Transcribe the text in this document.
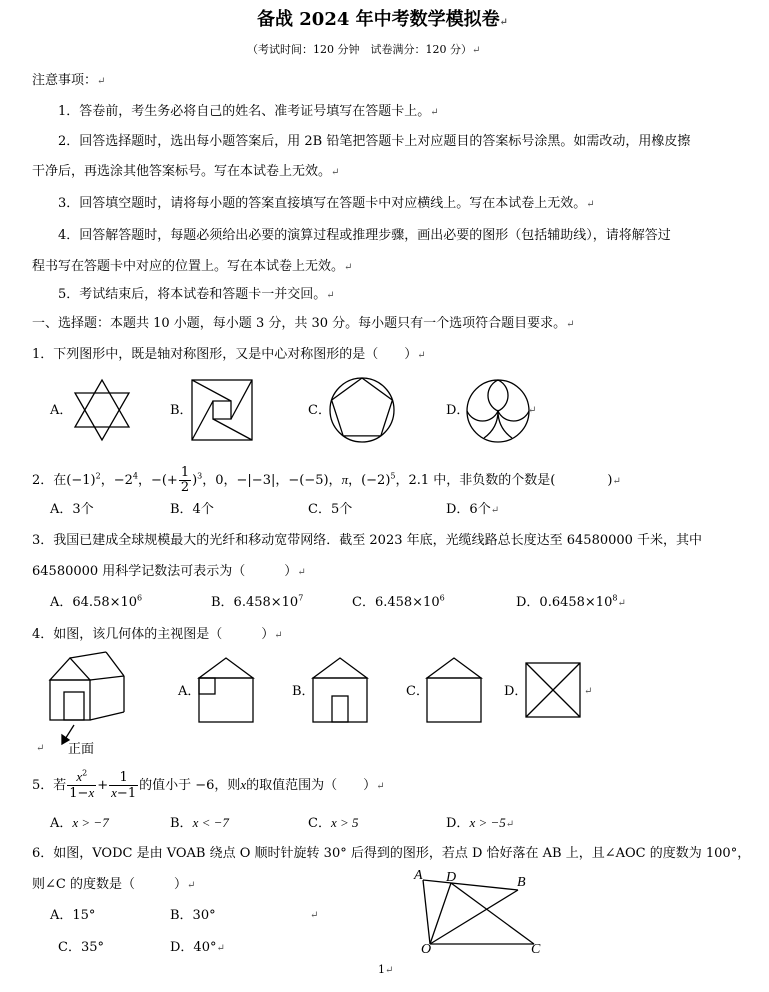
备战 2024 年中考数学模拟卷↵
（考试时间：120 分钟　试卷满分：120 分）↵
注意事项：↵
1．答卷前，考生务必将自己的姓名、准考证号填写在答题卡上。↵
2．回答选择题时，选出每小题答案后，用 2B 铅笔把答题卡上对应题目的答案标号涂黑。如需改动，用橡皮擦
干净后，再选涂其他答案标号。写在本试卷上无效。↵
3．回答填空题时，请将每小题的答案直接填写在答题卡中对应横线上。写在本试卷上无效。↵
4．回答解答题时，每题必须给出必要的演算过程或推理步骤，画出必要的图形（包括辅助线），请将解答过
程书写在答题卡中对应的位置上。写在本试卷上无效。↵
5．考试结束后，将本试卷和答题卡一并交回。↵
一、选择题：本题共 10 小题，每小题 3 分，共 30 分。每小题只有一个选项符合题目要求。↵
1．下列图形中，既是轴对称图形，又是中心对称图形的是（　　）↵
A．	B．	C．	D．	↵
2．在$(-1)^2$，$-2^4$，−(+ $\frac{1}{2} )^3$，0，−|−3|，−(−5)，π，$(-2)^5$，2.1 中，非负数的个数是(　　　　)↵
A．3个	B．4个	C．5个	D．6个↵
3．我国已建成全球规模最大的光纤和移动宽带网络．截至 2023 年底，光缆线路总长度达至 64580000 千米，其中
64580000 用科学记数法可表示为（　　　）↵
A．$64.58\times 10^6$	B．$6.458\times 10^7$	C．$6.458\times 10^6$	D．$0.6458\times 10^8↵$
4．如图，该几何体的主视图是（　　　）↵
↵ 正面
A．	B．	C．	D．	↵
5．若 $\frac{x^2}{1-x} + \frac{1}{x-1}$ 的值小于 −6，则x的取值范围为（　　）↵
A．x > −7	B．x < −7	C．x > 5	D．x > −5↵
6．如图，VODC 是由 VOAB 绕点 O 顺时针旋转 30° 后得到的图形，若点 D 恰好落在 AB 上，且∠AOC 的度数为 100°，
则∠C 的度数是（　　　）↵
A．15°	B．30°	↵
C．35°	D．40°↵
A D	B
O	C
1↵
